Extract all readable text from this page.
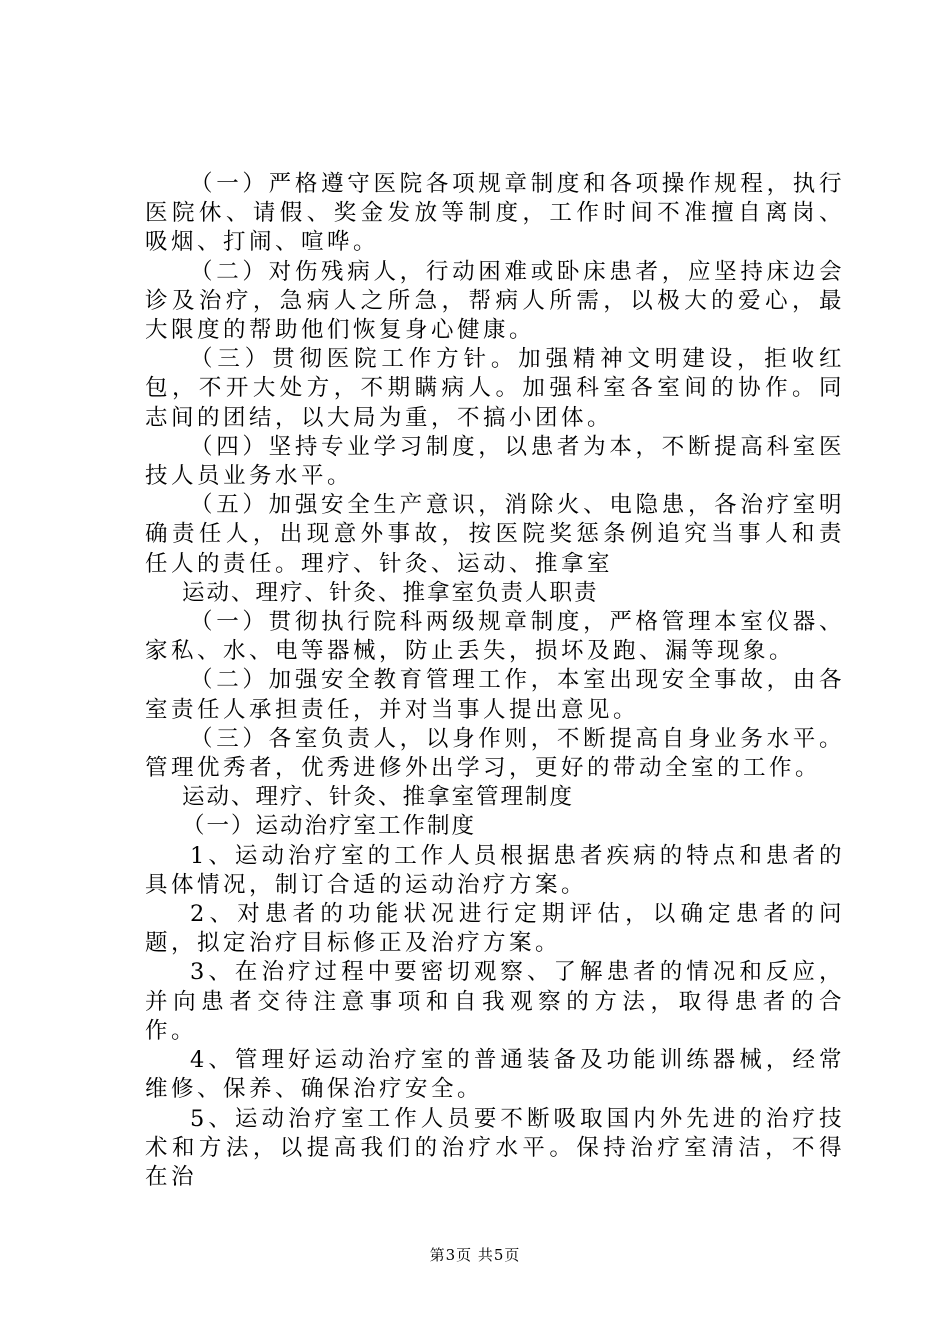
（一）严格遵守医院各项规章制度和各项操作规程，执行医院休、请假、奖金发放等制度，工作时间不准擅自离岗、吸烟、打闹、喧哗。

（二）对伤残病人，行动困难或卧床患者，应坚持床边会诊及治疗，急病人之所急，帮病人所需，以极大的爱心，最大限度的帮助他们恢复身心健康。

（三）贯彻医院工作方针。加强精神文明建设，拒收红包，不开大处方，不期瞒病人。加强科室各室间的协作。同志间的团结，以大局为重，不搞小团体。

（四）坚持专业学习制度，以患者为本，不断提高科室医技人员业务水平。

（五）加强安全生产意识，消除火、电隐患，各治疗室明确责任人，出现意外事故，按医院奖惩条例追究当事人和责任人的责任。理疗、针灸、运动、推拿室

运动、理疗、针灸、推拿室负责人职责

（一）贯彻执行院科两级规章制度，严格管理本室仪器、家私、水、电等器械，防止丢失，损坏及跑、漏等现象。

（二）加强安全教育管理工作，本室出现安全事故，由各室责任人承担责任，并对当事人提出意见。

（三）各室负责人，以身作则，不断提高自身业务水平。管理优秀者，优秀进修外出学习，更好的带动全室的工作。

运动、理疗、针灸、推拿室管理制度

（一）运动治疗室工作制度

1、运动治疗室的工作人员根据患者疾病的特点和患者的具体情况，制订合适的运动治疗方案。

2、对患者的功能状况进行定期评估，以确定患者的问题，拟定治疗目标修正及治疗方案。

3、在治疗过程中要密切观察、了解患者的情况和反应，并向患者交待注意事项和自我观察的方法，取得患者的合作。

4、管理好运动治疗室的普通装备及功能训练器械，经常维修、保养、确保治疗安全。

5、运动治疗室工作人员要不断吸取国内外先进的治疗技术和方法，以提高我们的治疗水平。保持治疗室清洁，不得在治

第3页 共5页
